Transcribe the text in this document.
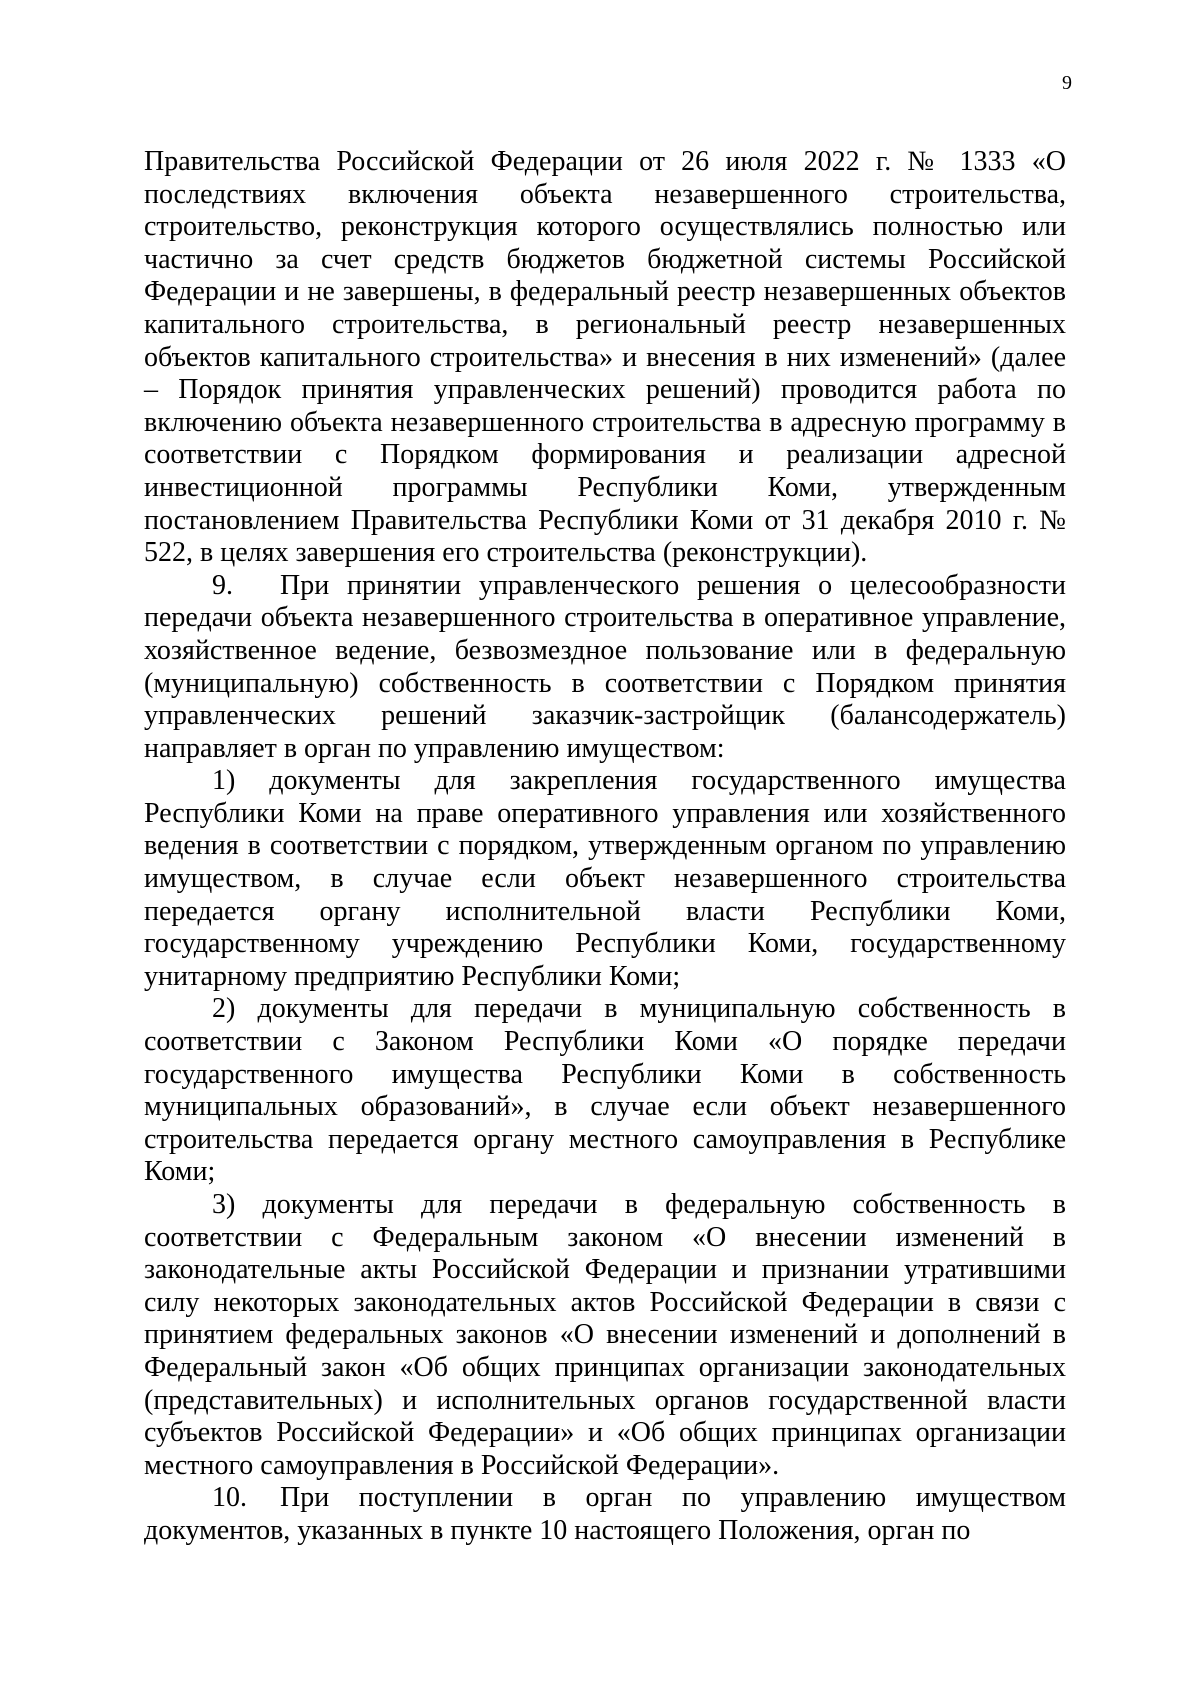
9

Правительства Российской Федерации от 26 июля 2022 г. № 1333 «О последствиях включения объекта незавершенного строительства, строительство, реконструкция которого осуществлялись полностью или частично за счет средств бюджетов бюджетной системы Российской Федерации и не завершены, в федеральный реестр незавершенных объектов капитального строительства, в региональный реестр незавершенных объектов капитального строительства» и внесения в них изменений» (далее – Порядок принятия управленческих решений) проводится работа по включению объекта незавершенного строительства в адресную программу в соответствии с Порядком формирования и реализации адресной инвестиционной программы Республики Коми, утвержденным постановлением Правительства Республики Коми от 31 декабря 2010 г. № 522, в целях завершения его строительства (реконструкции).

9. При принятии управленческого решения о целесообразности передачи объекта незавершенного строительства в оперативное управление, хозяйственное ведение, безвозмездное пользование или в федеральную (муниципальную) собственность в соответствии с Порядком принятия управленческих решений заказчик-застройщик (балансодержатель) направляет в орган по управлению имуществом:

1) документы для закрепления государственного имущества Республики Коми на праве оперативного управления или хозяйственного ведения в соответствии с порядком, утвержденным органом по управлению имуществом, в случае если объект незавершенного строительства передается органу исполнительной власти Республики Коми, государственному учреждению Республики Коми, государственному унитарному предприятию Республики Коми;

2) документы для передачи в муниципальную собственность в соответствии с Законом Республики Коми «О порядке передачи государственного имущества Республики Коми в собственность муниципальных образований», в случае если объект незавершенного строительства передается органу местного самоуправления в Республике Коми;

3) документы для передачи в федеральную собственность в соответствии с Федеральным законом «О внесении изменений в законодательные акты Российской Федерации и признании утратившими силу некоторых законодательных актов Российской Федерации в связи с принятием федеральных законов «О внесении изменений и дополнений в Федеральный закон «Об общих принципах организации законодательных (представительных) и исполнительных органов государственной власти субъектов Российской Федерации» и «Об общих принципах организации местного самоуправления в Российской Федерации».

10. При поступлении в орган по управлению имуществом документов, указанных в пункте 10 настоящего Положения, орган по
